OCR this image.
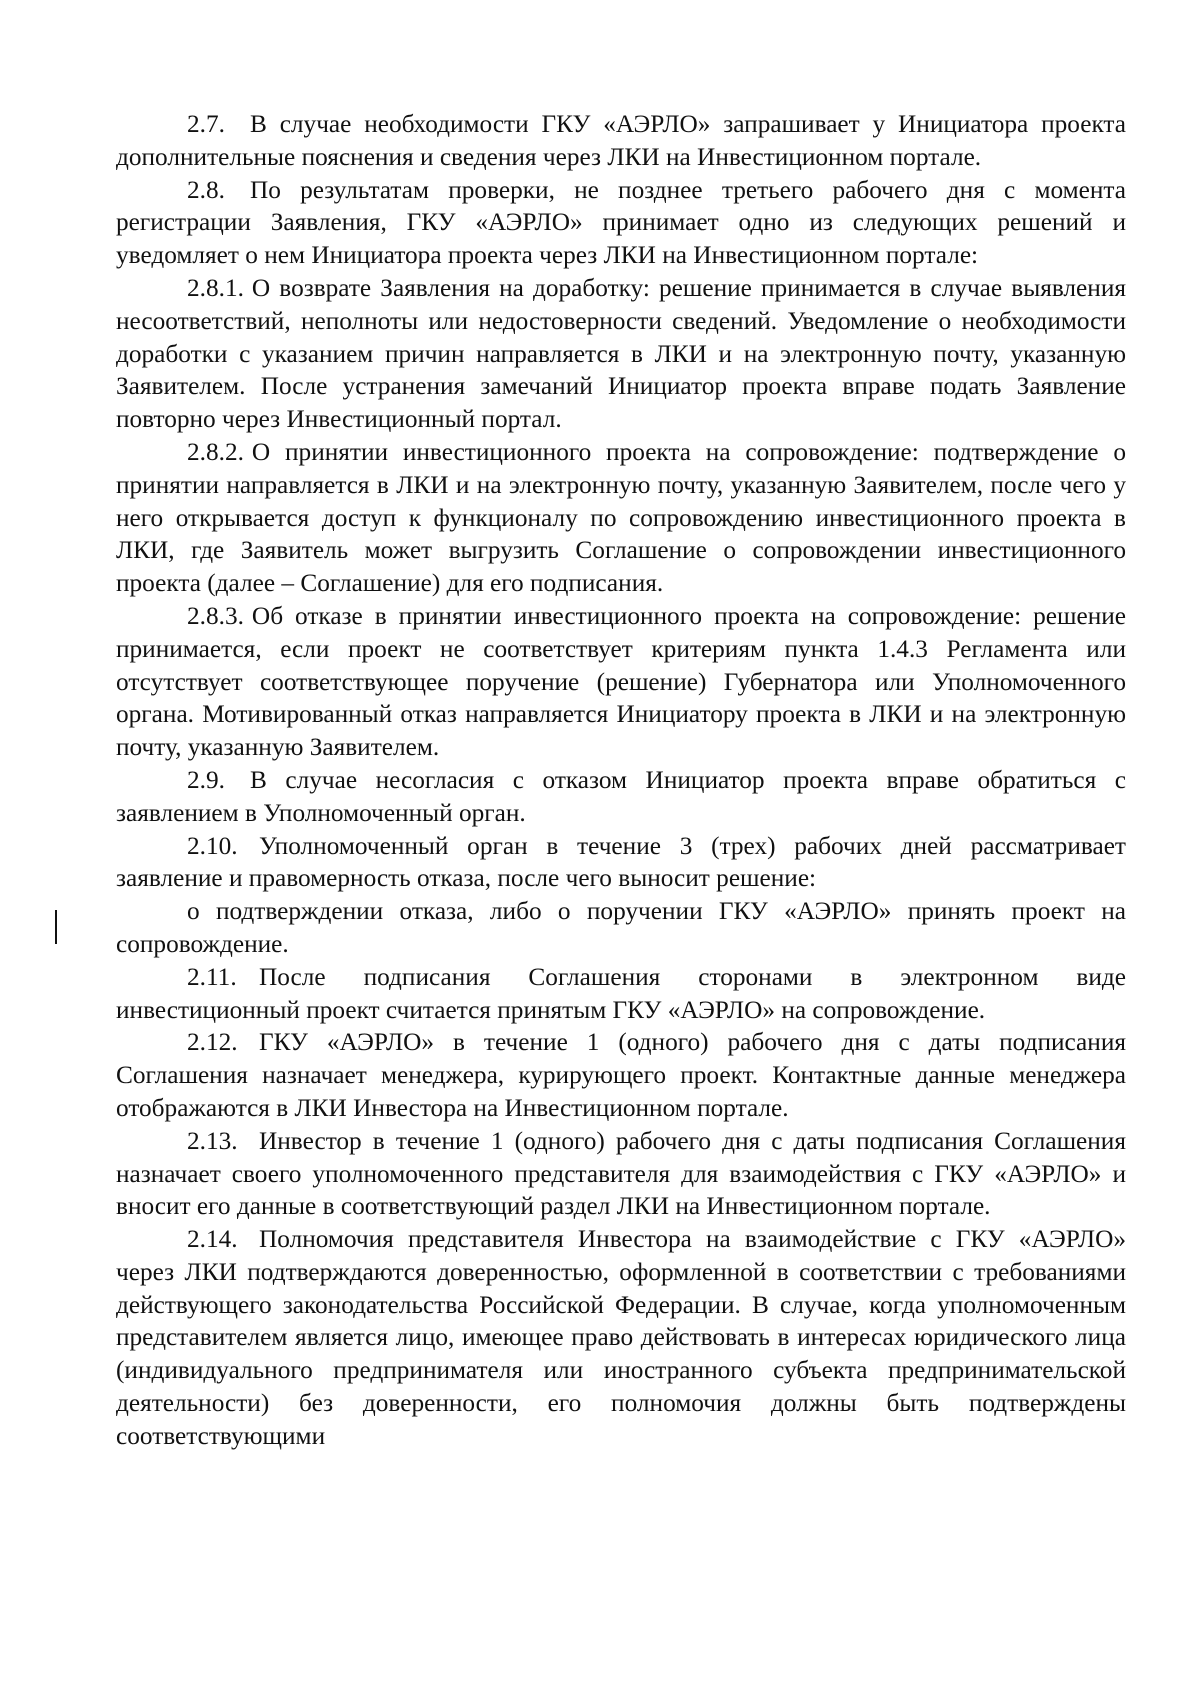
2.7. В случае необходимости ГКУ «АЭРЛО» запрашивает у Инициатора проекта дополнительные пояснения и сведения через ЛКИ на Инвестиционном портале.

2.8. По результатам проверки, не позднее третьего рабочего дня с момента регистрации Заявления, ГКУ «АЭРЛО» принимает одно из следующих решений и уведомляет о нем Инициатора проекта через ЛКИ на Инвестиционном портале:

2.8.1. О возврате Заявления на доработку: решение принимается в случае выявления несоответствий, неполноты или недостоверности сведений. Уведомление о необходимости доработки с указанием причин направляется в ЛКИ и на электронную почту, указанную Заявителем. После устранения замечаний Инициатор проекта вправе подать Заявление повторно через Инвестиционный портал.

2.8.2. О принятии инвестиционного проекта на сопровождение: подтверждение о принятии направляется в ЛКИ и на электронную почту, указанную Заявителем, после чего у него открывается доступ к функционалу по сопровождению инвестиционного проекта в ЛКИ, где Заявитель может выгрузить Соглашение о сопровождении инвестиционного проекта (далее – Соглашение) для его подписания.

2.8.3. Об отказе в принятии инвестиционного проекта на сопровождение: решение принимается, если проект не соответствует критериям пункта 1.4.3 Регламента или отсутствует соответствующее поручение (решение) Губернатора или Уполномоченного органа. Мотивированный отказ направляется Инициатору проекта в ЛКИ и на электронную почту, указанную Заявителем.

2.9. В случае несогласия с отказом Инициатор проекта вправе обратиться с заявлением в Уполномоченный орган.

2.10. Уполномоченный орган в течение 3 (трех) рабочих дней рассматривает заявление и правомерность отказа, после чего выносит решение:

о подтверждении отказа, либо о поручении ГКУ «АЭРЛО» принять проект на сопровождение.

2.11. После подписания Соглашения сторонами в электронном виде инвестиционный проект считается принятым ГКУ «АЭРЛО» на сопровождение.

2.12. ГКУ «АЭРЛО» в течение 1 (одного) рабочего дня с даты подписания Соглашения назначает менеджера, курирующего проект. Контактные данные менеджера отображаются в ЛКИ Инвестора на Инвестиционном портале.

2.13. Инвестор в течение 1 (одного) рабочего дня с даты подписания Соглашения назначает своего уполномоченного представителя для взаимодействия с ГКУ «АЭРЛО» и вносит его данные в соответствующий раздел ЛКИ на Инвестиционном портале.

2.14. Полномочия представителя Инвестора на взаимодействие с ГКУ «АЭРЛО» через ЛКИ подтверждаются доверенностью, оформленной в соответствии с требованиями действующего законодательства Российской Федерации. В случае, когда уполномоченным представителем является лицо, имеющее право действовать в интересах юридического лица (индивидуального предпринимателя или иностранного субъекта предпринимательской деятельности) без доверенности, его полномочия должны быть подтверждены соответствующими
